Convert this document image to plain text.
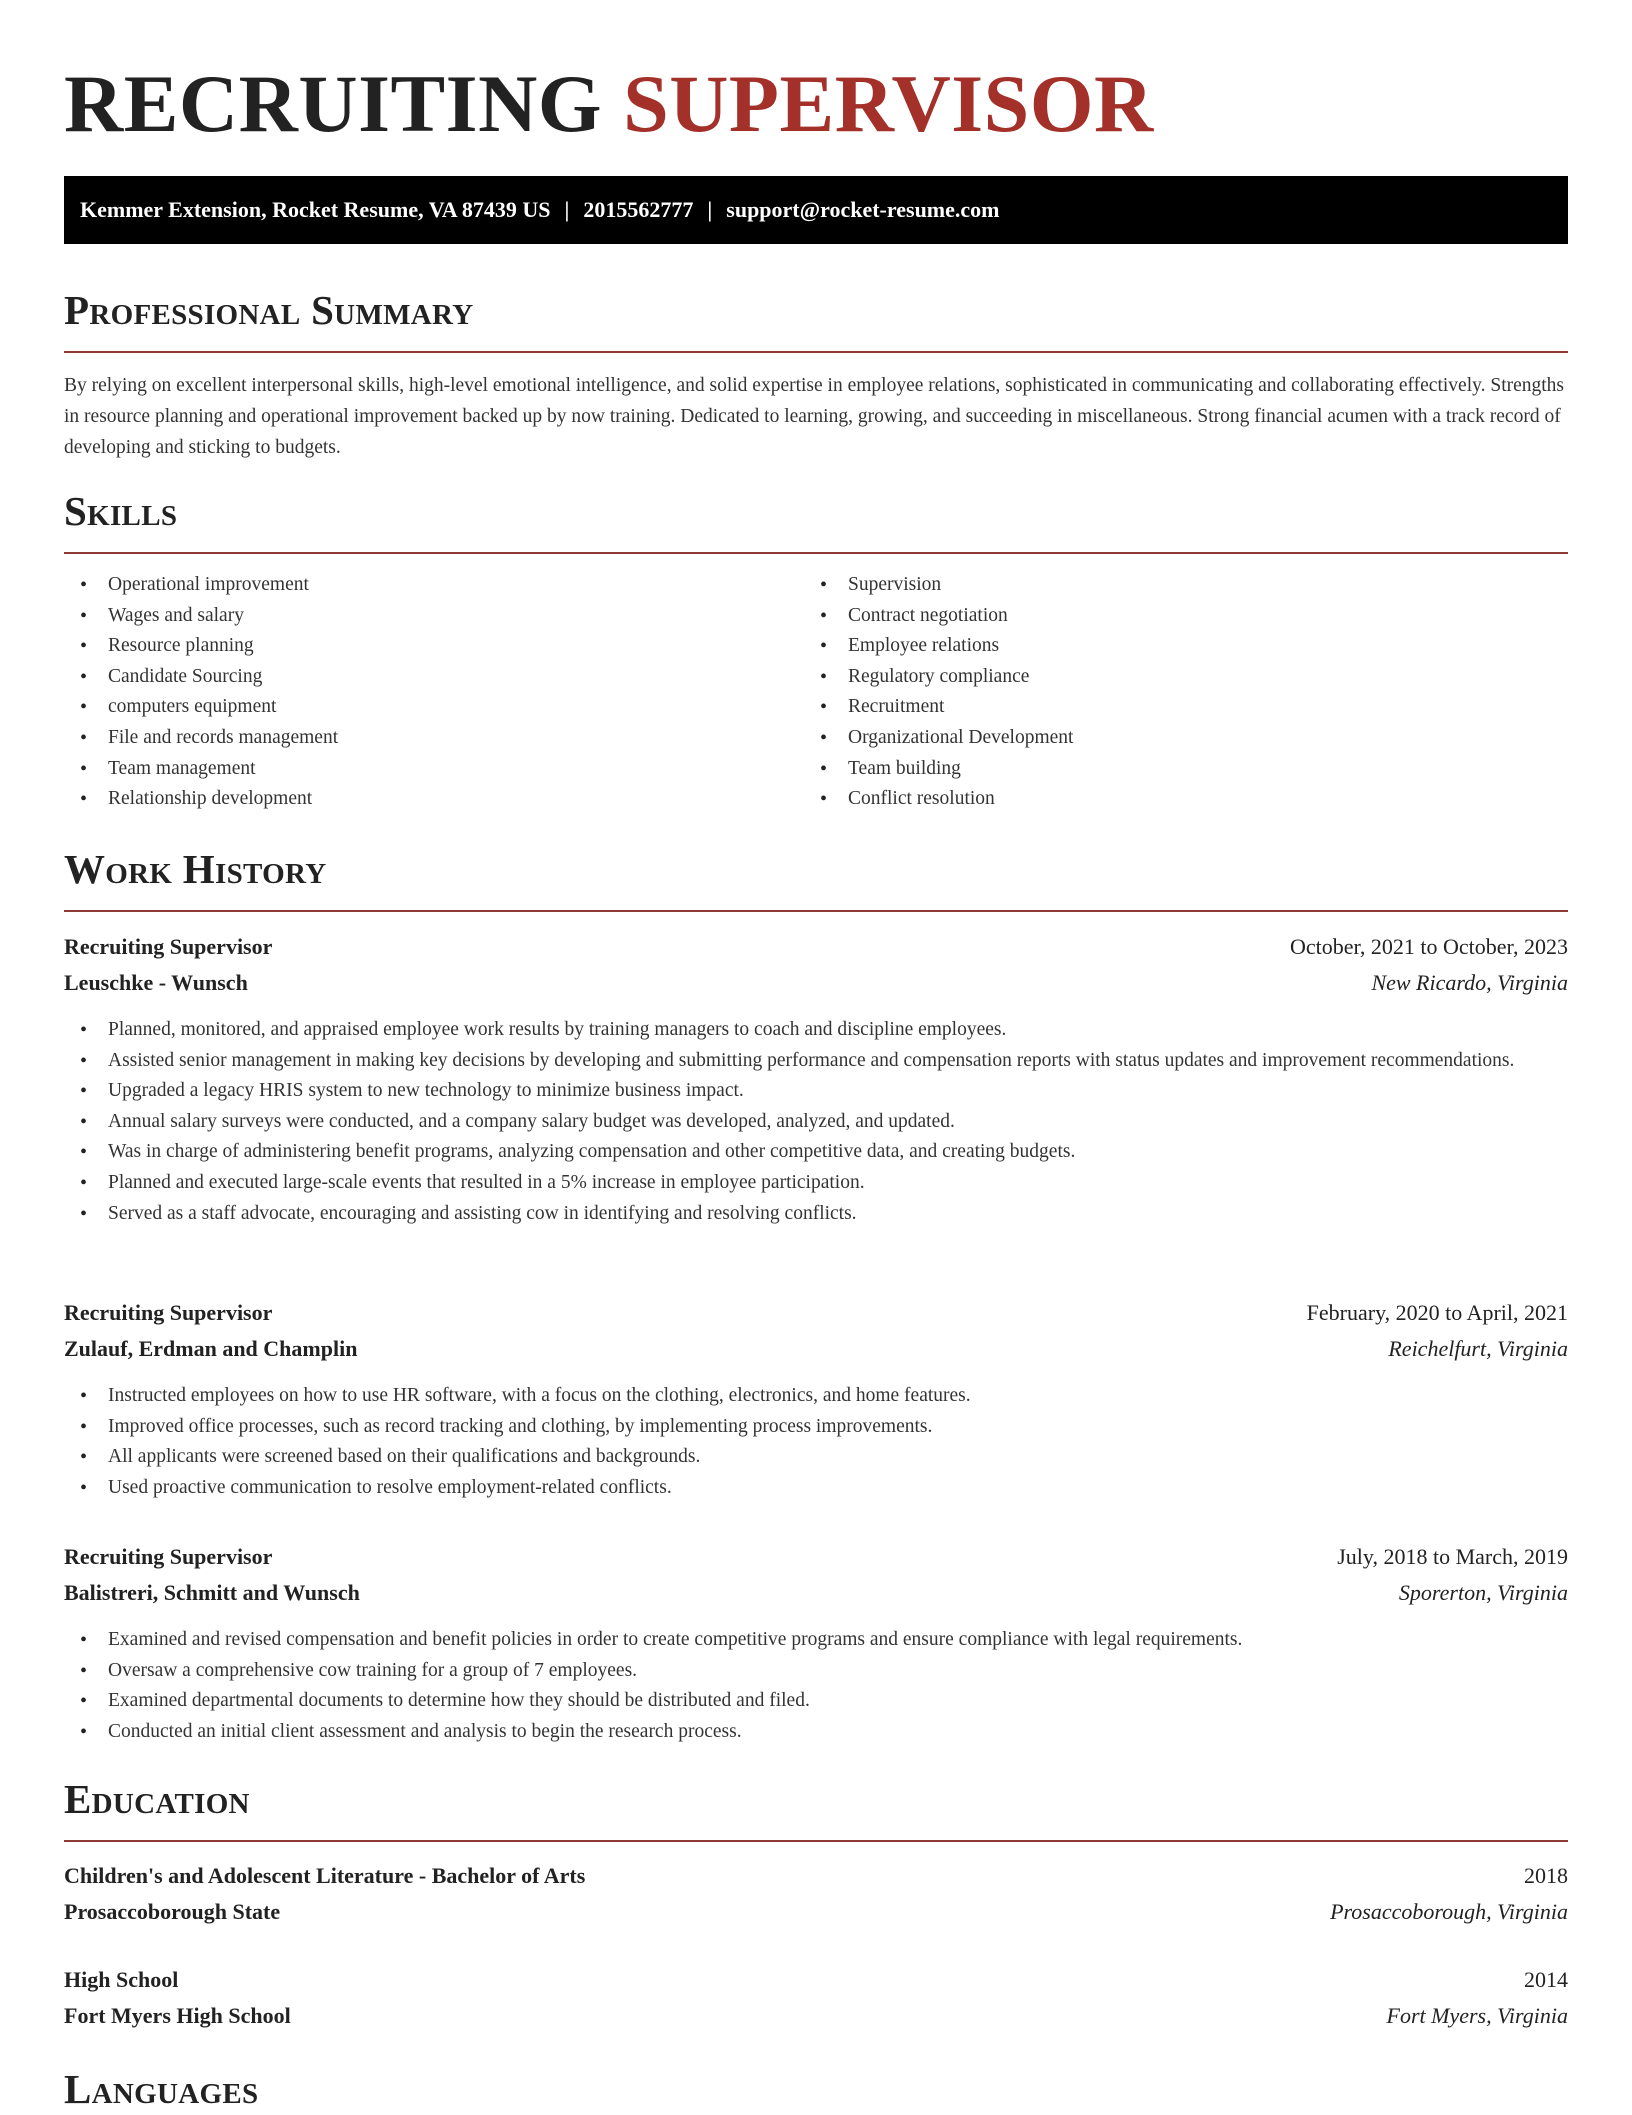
RECRUITING SUPERVISOR
Kemmer Extension, Rocket Resume, VA 87439 US | 2015562777 | support@rocket-resume.com
Professional Summary

By relying on excellent interpersonal skills, high-level emotional intelligence, and solid expertise in employee relations, sophisticated in communicating and collaborating effectively. Strengths in resource planning and operational improvement backed up by now training. Dedicated to learning, growing, and succeeding in miscellaneous. Strong financial acumen with a track record of developing and sticking to budgets.

Skills
• Operational improvement
• Wages and salary
• Resource planning
• Candidate Sourcing
• computers equipment
• File and records management
• Team management
• Relationship development
• Supervision
• Contract negotiation
• Employee relations
• Regulatory compliance
• Recruitment
• Organizational Development
• Team building
• Conflict resolution
Work History
Recruiting Supervisor	October, 2021 to October, 2023
Leuschke - Wunsch	New Ricardo, Virginia
• Planned, monitored, and appraised employee work results by training managers to coach and discipline employees.
• Assisted senior management in making key decisions by developing and submitting performance and compensation reports with status updates and improvement recommendations.
• Upgraded a legacy HRIS system to new technology to minimize business impact.
• Annual salary surveys were conducted, and a company salary budget was developed, analyzed, and updated.
• Was in charge of administering benefit programs, analyzing compensation and other competitive data, and creating budgets.
• Planned and executed large-scale events that resulted in a 5% increase in employee participation.
• Served as a staff advocate, encouraging and assisting cow in identifying and resolving conflicts.
Recruiting Supervisor	February, 2020 to April, 2021
Zulauf, Erdman and Champlin	Reichelfurt, Virginia
• Instructed employees on how to use HR software, with a focus on the clothing, electronics, and home features.
• Improved office processes, such as record tracking and clothing, by implementing process improvements.
• All applicants were screened based on their qualifications and backgrounds.
• Used proactive communication to resolve employment-related conflicts.
Recruiting Supervisor	July, 2018 to March, 2019
Balistreri, Schmitt and Wunsch	Sporerton, Virginia
• Examined and revised compensation and benefit policies in order to create competitive programs and ensure compliance with legal requirements.
• Oversaw a comprehensive cow training for a group of 7 employees.
• Examined departmental documents to determine how they should be distributed and filed.
• Conducted an initial client assessment and analysis to begin the research process.
Education
Children's and Adolescent Literature - Bachelor of Arts	2018
Prosaccoborough State	Prosaccoborough, Virginia
High School	2014
Fort Myers High School	Fort Myers, Virginia
Languages
